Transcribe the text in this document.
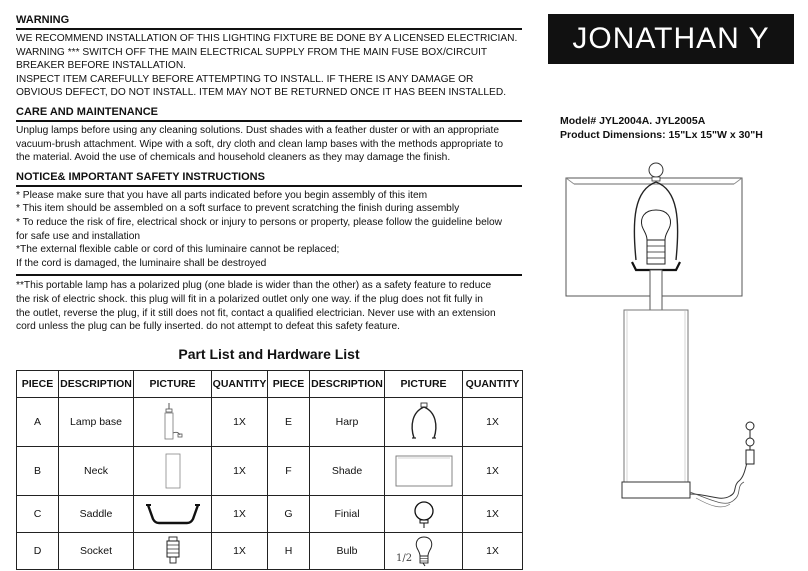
WARNING
WE RECOMMEND INSTALLATION OF THIS LIGHTING FIXTURE BE DONE BY A LICENSED ELECTRICIAN.
WARNING *** SWITCH OFF THE MAIN ELECTRICAL SUPPLY FROM THE MAIN FUSE BOX/CIRCUIT
BREAKER BEFORE INSTALLATION.
INSPECT ITEM CAREFULLY BEFORE ATTEMPTING TO INSTALL. IF THERE IS ANY DAMAGE OR
OBVIOUS DEFECT, DO NOT INSTALL. ITEM MAY NOT BE RETURNED ONCE IT HAS BEEN INSTALLED.
CARE AND MAINTENANCE
Unplug lamps before using any cleaning solutions. Dust shades with a feather duster or with an appropriate
vacuum-brush attachment. Wipe with a soft, dry cloth and clean lamp bases with the methods appropriate to
the material. Avoid the use of chemicals and household cleaners as they may damage the finish.
NOTICE& IMPORTANT SAFETY INSTRUCTIONS
* Please make sure that you have all parts indicated before you begin assembly of this item
* This item should be assembled on a soft surface to prevent scratching the finish during assembly
* To reduce the risk of fire, electrical shock or injury to persons or property, please follow the guideline below
for safe use and installation
*The external flexible cable or cord of this luminaire cannot be replaced;
If the cord is damaged, the luminaire shall be destroyed
**This portable lamp has a polarized plug (one blade is wider than the other) as a safety feature to reduce
the risk of electric shock. this plug will fit in a polarized outlet only one way. if the plug does not fit fully in
the outlet, reverse the plug, if it still does not fit, contact a qualified electrician. Never use with an extension
cord unless the plug can be fully inserted. do not attempt to defeat this safety feature.
Part List and Hardware List
PIECE	DESCRIPTION	PICTURE	QUANTITY	PIECE	DESCRIPTION	PICTURE	QUANTITY
A	Lamp base		1X	E	Harp		1X
B	Neck		1X	F	Shade		1X
C	Saddle		1X	G	Finial		1X
D	Socket		1X	H	Bulb		1X
JONATHAN Y
Model# JYL2004A. JYL2005A
Product Dimensions: 15"Lx 15"W x 30"H
1/2
